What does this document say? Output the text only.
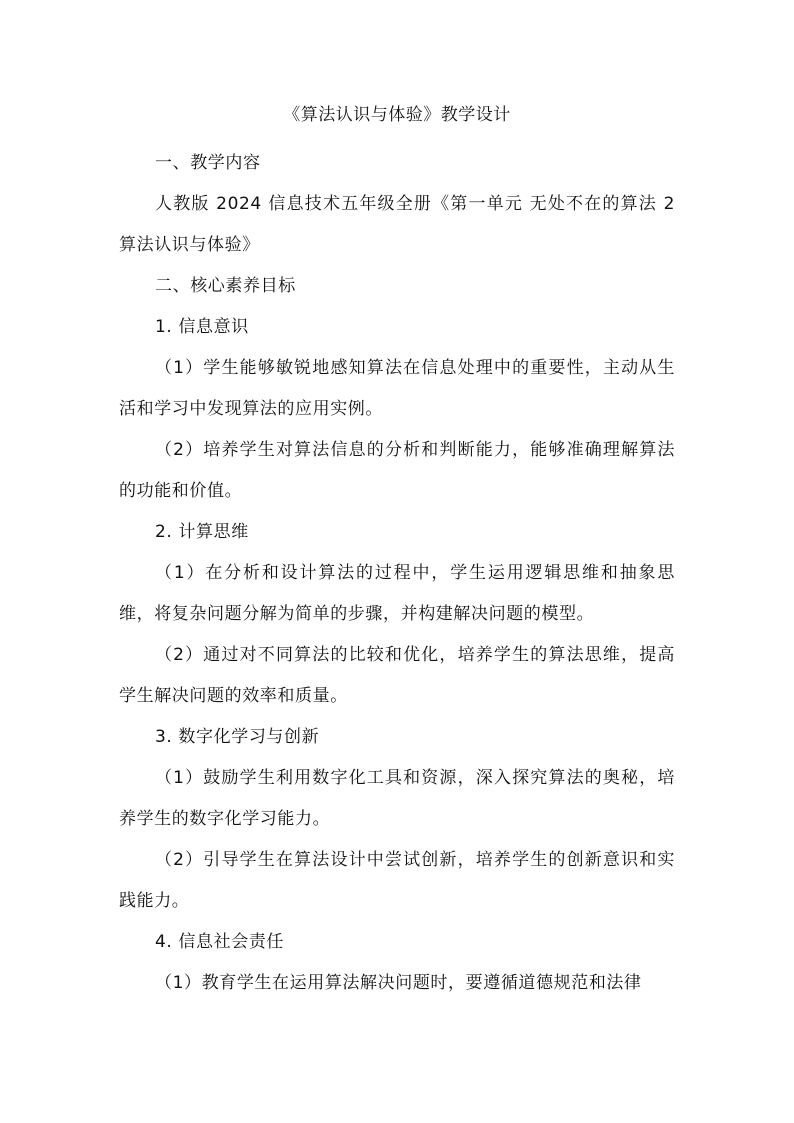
《算法认识与体验》教学设计

一、教学内容

人教版 2024 信息技术五年级全册《第一单元 无处不在的算法 2 算法认识与体验》

二、核心素养目标

1. 信息意识

（1）学生能够敏锐地感知算法在信息处理中的重要性，主动从生活和学习中发现算法的应用实例。

（2）培养学生对算法信息的分析和判断能力，能够准确理解算法的功能和价值。

2. 计算思维

（1）在分析和设计算法的过程中，学生运用逻辑思维和抽象思维，将复杂问题分解为简单的步骤，并构建解决问题的模型。

（2）通过对不同算法的比较和优化，培养学生的算法思维，提高学生解决问题的效率和质量。

3. 数字化学习与创新

（1）鼓励学生利用数字化工具和资源，深入探究算法的奥秘，培养学生的数字化学习能力。

（2）引导学生在算法设计中尝试创新，培养学生的创新意识和实践能力。

4. 信息社会责任

（1）教育学生在运用算法解决问题时，要遵循道德规范和法律
